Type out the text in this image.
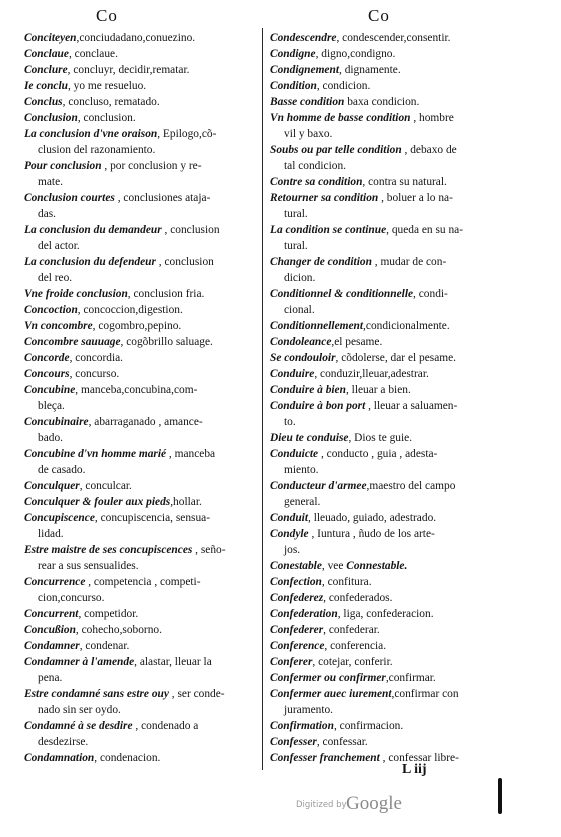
Co	Co
Conciteyen,conciudadano,conuezino.
Conclaue, conclaue.
Conclure, concluyr, decidir,rematar.
Ie conclu, yo me resueluo.
Conclus, concluso, rematado.
Conclusion, conclusion.
La conclusion d'vne oraison, Epilogo,cõ-
clusion del razonamiento.
Pour conclusion , por conclusion y re-
mate.
Conclusion courtes , conclusiones ataja-
das.
La conclusion du demandeur , conclusion
del actor.
La conclusion du defendeur , conclusion
del reo.
Vne froide conclusion, conclusion fria.
Concoction, concoccion,digestion.
Vn concombre, cogombro,pepino.
Concombre sauuage, cogõbrillo saluage.
Concorde, concordia.
Concours, concurso.
Concubine, manceba,concubina,com-
bleça.
Concubinaire, abarraganado , amance-
bado.
Concubine d'vn homme marié , manceba
de casado.
Conculquer, conculcar.
Conculquer & fouler aux pieds,hollar.
Concupiscence, concupiscencia, sensua-
lidad.
Estre maistre de ses concupiscences , seño-
rear a sus sensualides.
Concurrence , competencia , competi-
cion,concurso.
Concurrent, competidor.
Concußion, cohecho,soborno.
Condamner, condenar.
Condamner à l'amende, alastar, lleuar la
pena.
Estre condamné sans estre ouy , ser conde-
nado sin ser oydo.
Condamné à se desdire , condenado a
desdezirse.
Condamnation, condenacion.
Condescendre, condescender,consentir.
Condigne, digno,condigno.
Condignement, dignamente.
Condition, condicion.
Basse condition baxa condicion.
Vn homme de basse condition , hombre
vil y baxo.
Soubs ou par telle condition , debaxo de
tal condicion.
Contre sa condition, contra su natural.
Retourner sa condition , boluer a lo na-
tural.
La condition se continue, queda en su na-
tural.
Changer de condition , mudar de con-
dicion.
Conditionnel & conditionnelle, condi-
cional.
Conditionnellement,condicionalmente.
Condoleance,el pesame.
Se condouloir, cõdolerse, dar el pesame.
Conduire, conduzir,lleuar,adestrar.
Conduire à bien, lleuar a bien.
Conduire à bon port , lleuar a saluamen-
to.
Dieu te conduise, Dios te guie.
Conduicte , conducto , guia , adesta-
miento.
Conducteur d'armee,maestro del campo
general.
Conduit, lleuado, guiado, adestrado.
Condyle , Iuntura , ñudo de los arte-
jos.
Conestable, vee Connestable.
Confection, confitura.
Confederez, confederados.
Confederation, liga, confederacion.
Confederer, confederar.
Conference, conferencia.
Conferer, cotejar, conferir.
Confermer ou confirmer,confirmar.
Confermer auec iurement,confirmar con
juramento.
Confirmation, confirmacion.
Confesser, confessar.
Confesser franchement , confessar libre-
L iij
Digitized by Google
